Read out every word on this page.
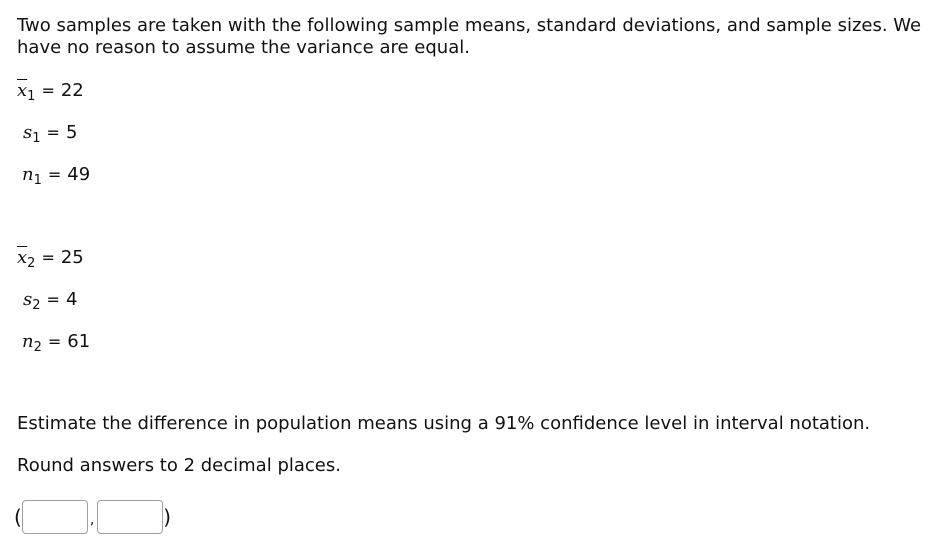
Two samples are taken with the following sample means, standard deviations, and sample sizes. We have no reason to assume the variance are equal.
$\overline{x}_1 = 22$
$s_1 = 5$
$n_1 = 49$
$\overline{x}_2 = 25$
$s_2 = 4$
$n_2 = 61$
Estimate the difference in population means using a 91% confidence level in interval notation.
Round answers to 2 decimal places.
(	,	)
